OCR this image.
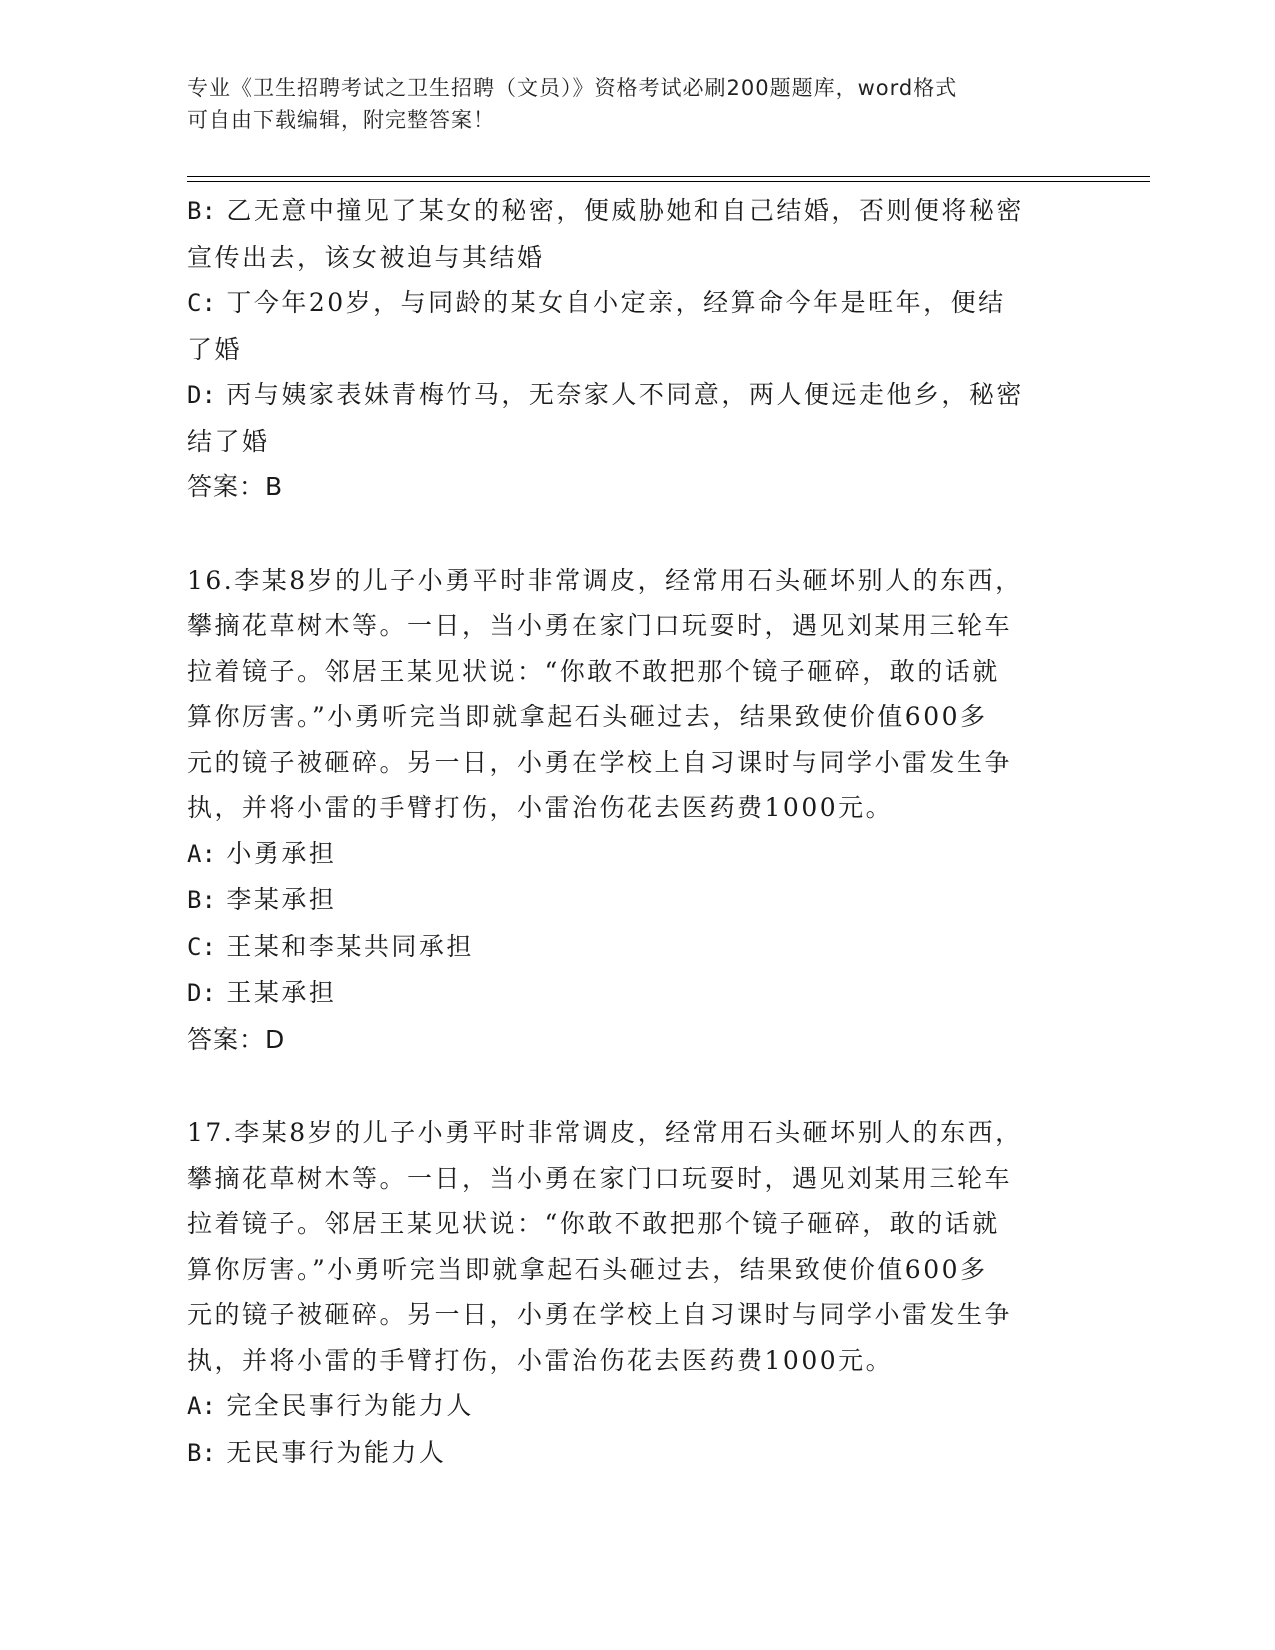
专业《卫生招聘考试之卫生招聘（文员）》资格考试必刷200题题库，word格式
可自由下载编辑，附完整答案！

B: 乙无意中撞见了某女的秘密，便威胁她和自己结婚，否则便将秘密

宣传出去，该女被迫与其结婚

C: 丁今年20岁，与同龄的某女自小定亲，经算命今年是旺年，便结

了婚

D: 丙与姨家表妹青梅竹马，无奈家人不同意，两人便远走他乡，秘密

结了婚

答案：B

16.李某8岁的儿子小勇平时非常调皮，经常用石头砸坏别人的东西，

攀摘花草树木等。一日，当小勇在家门口玩耍时，遇见刘某用三轮车

拉着镜子。邻居王某见状说：“你敢不敢把那个镜子砸碎，敢的话就

算你厉害。”小勇听完当即就拿起石头砸过去，结果致使价值600多

元的镜子被砸碎。另一日，小勇在学校上自习课时与同学小雷发生争

执，并将小雷的手臂打伤，小雷治伤花去医药费1000元。

A: 小勇承担

B: 李某承担

C: 王某和李某共同承担

D: 王某承担

答案：D

17.李某8岁的儿子小勇平时非常调皮，经常用石头砸坏别人的东西，

攀摘花草树木等。一日，当小勇在家门口玩耍时，遇见刘某用三轮车

拉着镜子。邻居王某见状说：“你敢不敢把那个镜子砸碎，敢的话就

算你厉害。”小勇听完当即就拿起石头砸过去，结果致使价值600多

元的镜子被砸碎。另一日，小勇在学校上自习课时与同学小雷发生争

执，并将小雷的手臂打伤，小雷治伤花去医药费1000元。

A: 完全民事行为能力人

B: 无民事行为能力人
